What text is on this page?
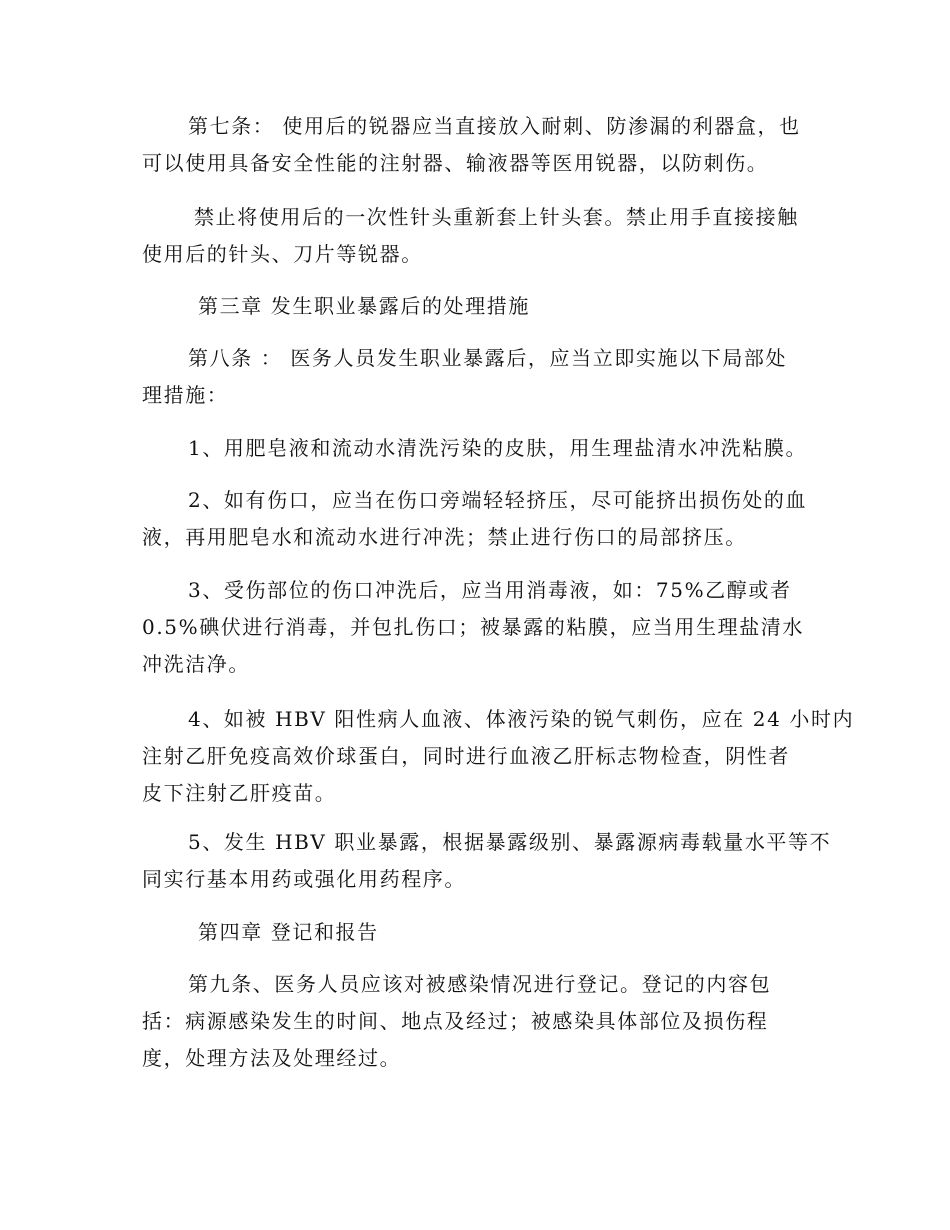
第七条： 使用后的锐器应当直接放入耐刺、防渗漏的利器盒，也
可以使用具备安全性能的注射器、输液器等医用锐器，以防刺伤。

禁止将使用后的一次性针头重新套上针头套。禁止用手直接接触
使用后的针头、刀片等锐器。

第三章 发生职业暴露后的处理措施

第八条 ： 医务人员发生职业暴露后，应当立即实施以下局部处
理措施：

1、用肥皂液和流动水清洗污染的皮肤，用生理盐清水冲洗粘膜。

2、如有伤口，应当在伤口旁端轻轻挤压，尽可能挤出损伤处的血
液，再用肥皂水和流动水进行冲洗；禁止进行伤口的局部挤压。

3、受伤部位的伤口冲洗后，应当用消毒液，如：75%乙醇或者
0.5%碘伏进行消毒，并包扎伤口；被暴露的粘膜，应当用生理盐清水
冲洗洁净。

4、如被 HBV 阳性病人血液、体液污染的锐气刺伤，应在 24 小时内
注射乙肝免疫高效价球蛋白，同时进行血液乙肝标志物检查，阴性者
皮下注射乙肝疫苗。

5、发生 HBV 职业暴露，根据暴露级别、暴露源病毒载量水平等不
同实行基本用药或强化用药程序。

第四章 登记和报告

第九条、医务人员应该对被感染情况进行登记。登记的内容包
括：病源感染发生的时间、地点及经过；被感染具体部位及损伤程
度，处理方法及处理经过。
